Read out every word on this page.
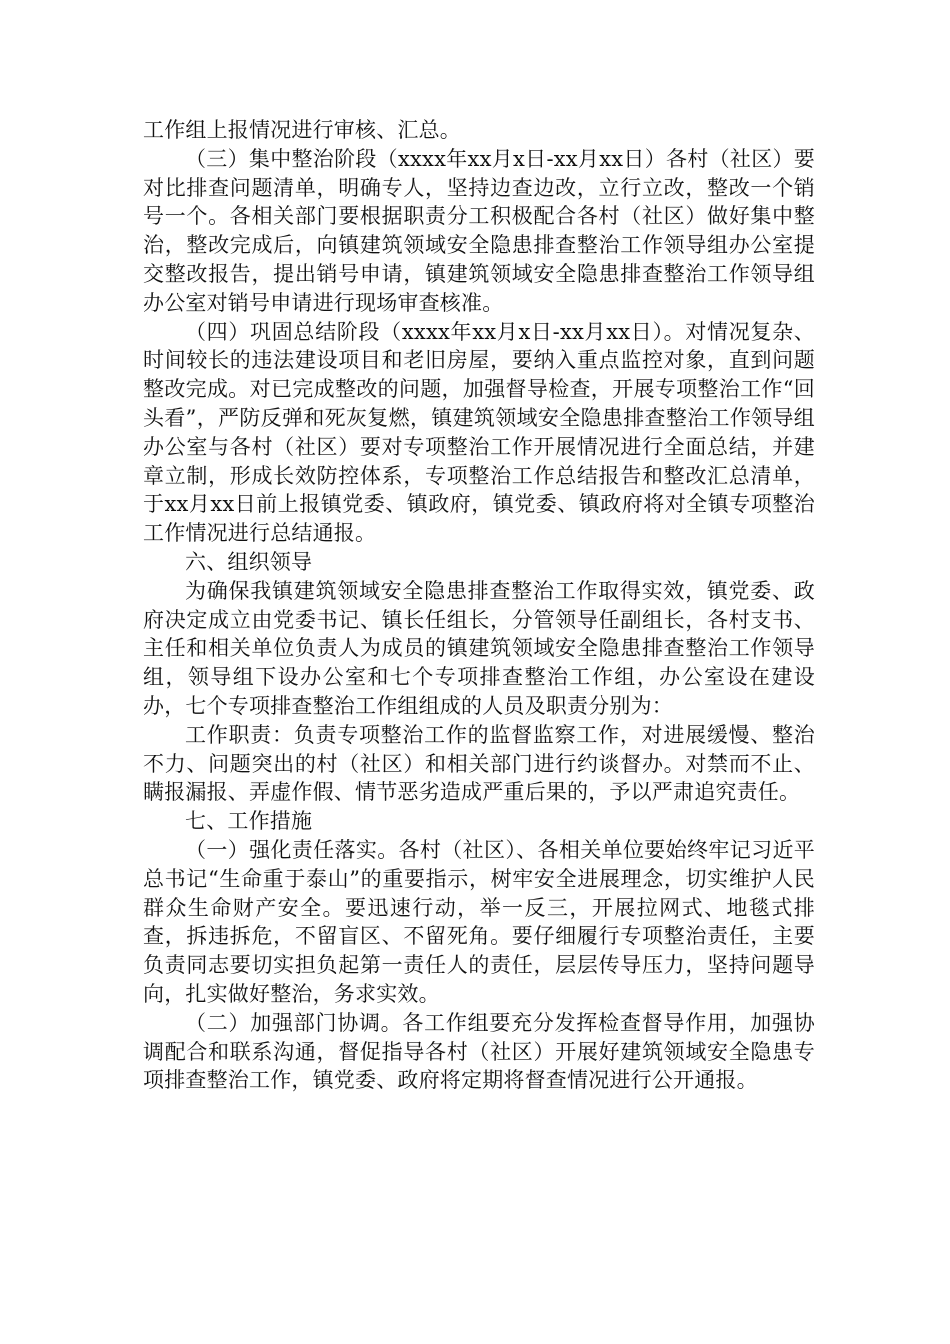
工作组上报情况进行审核、汇总。

（三）集中整治阶段（xxxx年xx月x日-xx月xx日）各村（社区）要对比排查问题清单，明确专人，坚持边查边改，立行立改，整改一个销号一个。各相关部门要根据职责分工积极配合各村（社区）做好集中整治，整改完成后，向镇建筑领域安全隐患排查整治工作领导组办公室提交整改报告，提出销号申请，镇建筑领域安全隐患排查整治工作领导组办公室对销号申请进行现场审查核准。

（四）巩固总结阶段（xxxx年xx月x日-xx月xx日）。对情况复杂、时间较长的违法建设项目和老旧房屋，要纳入重点监控对象，直到问题整改完成。对已完成整改的问题，加强督导检查，开展专项整治工作“回头看”，严防反弹和死灰复燃，镇建筑领域安全隐患排查整治工作领导组办公室与各村（社区）要对专项整治工作开展情况进行全面总结，并建章立制，形成长效防控体系，专项整治工作总结报告和整改汇总清单，于xx月xx日前上报镇党委、镇政府，镇党委、镇政府将对全镇专项整治工作情况进行总结通报。

六、组织领导

为确保我镇建筑领域安全隐患排查整治工作取得实效，镇党委、政府决定成立由党委书记、镇长任组长，分管领导任副组长，各村支书、主任和相关单位负责人为成员的镇建筑领域安全隐患排查整治工作领导组，领导组下设办公室和七个专项排查整治工作组，办公室设在建设办，七个专项排查整治工作组组成的人员及职责分别为：

工作职责：负责专项整治工作的监督监察工作，对进展缓慢、整治不力、问题突出的村（社区）和相关部门进行约谈督办。对禁而不止、瞒报漏报、弄虚作假、情节恶劣造成严重后果的，予以严肃追究责任。

七、工作措施

（一）强化责任落实。各村（社区）、各相关单位要始终牢记习近平总书记“生命重于泰山”的重要指示，树牢安全进展理念，切实维护人民群众生命财产安全。要迅速行动，举一反三，开展拉网式、地毯式排查，拆违拆危，不留盲区、不留死角。要仔细履行专项整治责任，主要负责同志要切实担负起第一责任人的责任，层层传导压力，坚持问题导向，扎实做好整治，务求实效。

（二）加强部门协调。各工作组要充分发挥检查督导作用，加强协调配合和联系沟通，督促指导各村（社区）开展好建筑领域安全隐患专项排查整治工作，镇党委、政府将定期将督查情况进行公开通报。
